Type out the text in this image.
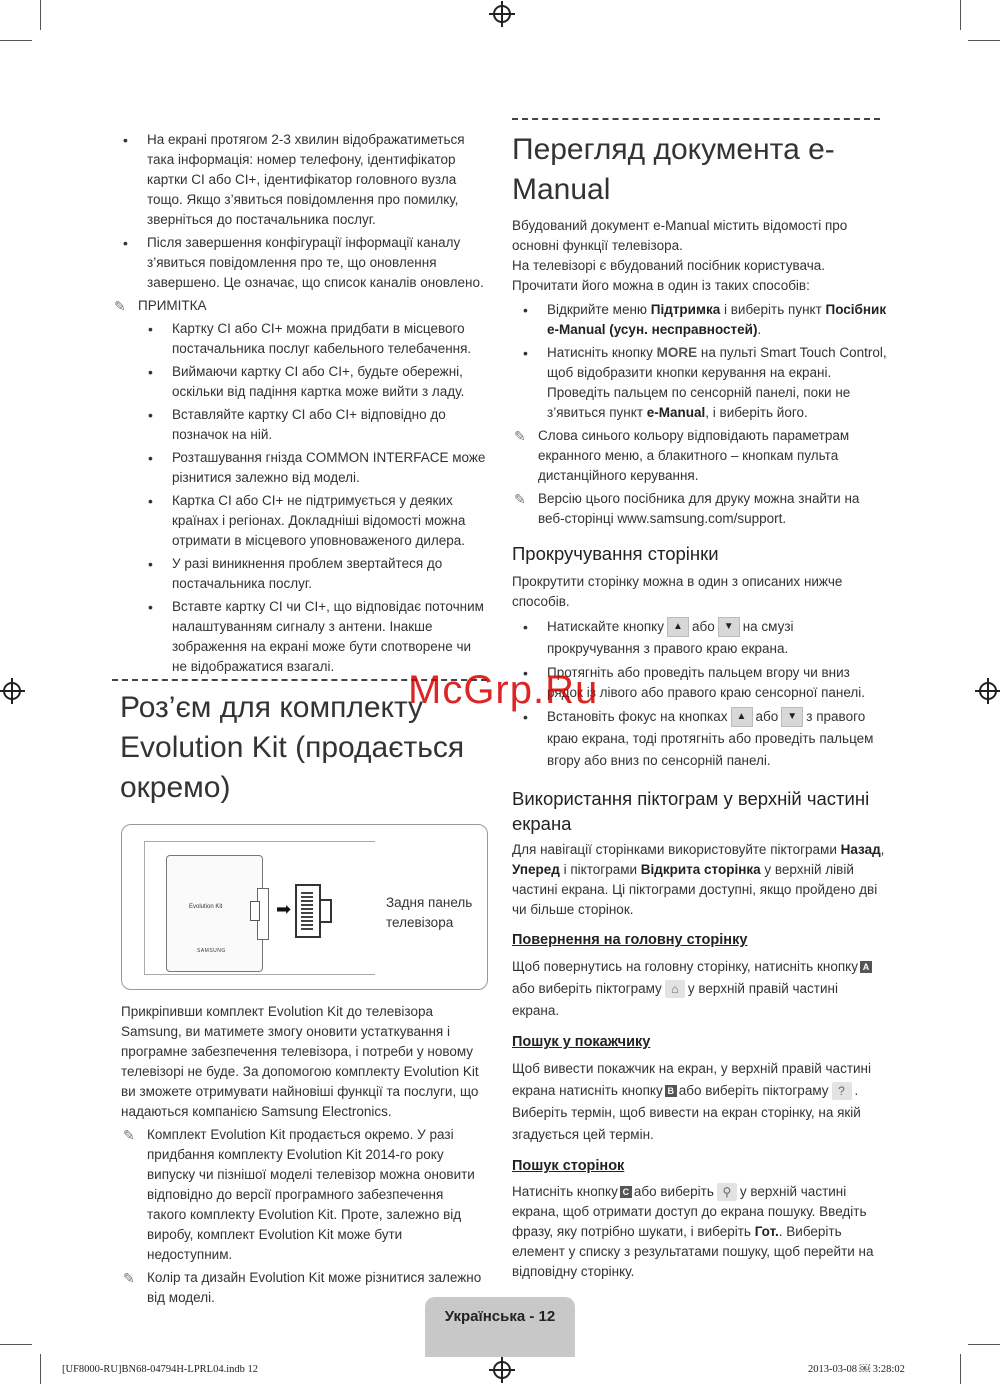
• На екрані протягом 2-3 хвилин відображатиметься така інформація: номер телефону, ідентифікатор картки CI або CI+, ідентифікатор головного вузла тощо. Якщо з’явиться повідомлення про помилку, зверніться до постачальника послуг.

• Після завершення конфігурації інформації каналу з’явиться повідомлення про те, що оновлення завершено. Це означає, що список каналів оновлено.

✎ ПРИМІТКА

• Картку CI або CI+ можна придбати в місцевого постачальника послуг кабельного телебачення.

• Виймаючи картку CI або CI+, будьте обережні, оскільки від падіння картка може вийти з ладу.

• Вставляйте картку CI або CI+ відповідно до позначок на ній.

• Розташування гнізда COMMON INTERFACE може різнитися залежно від моделі.

• Картка CI або CI+ не підтримується у деяких країнах і регіонах. Докладніші відомості можна отримати в місцевого уповноваженого дилера.

• У разі виникнення проблем звертайтеся до постачальника послуг.

• Вставте картку CI чи CI+, що відповідає поточним налаштуванням сигналу з антени. Інакше зображення на екрані може бути спотворене чи не відображатися взагалі.

Роз’єм для комплекту Evolution Kit (продається окремо)
Evolution Kit
SAMSUNG
➡	Задня панель телевізора
Прикріпивши комплект Evolution Kit до телевізора Samsung, ви матимете змогу оновити устаткування і програмне забезпечення телевізора, і потреби у новому телевізорі не буде. За допомогою комплекту Evolution Kit ви зможете отримувати найновіші функції та послуги, що надаються компанією Samsung Electronics.
✎ Комплект Evolution Kit продається окремо. У разі придбання комплекту Evolution Kit 2014-го року випуску чи пізнішої моделі телевізор можна оновити відповідно до версії програмного забезпечення такого комплекту Evolution Kit. Проте, залежно від виробу, комплект Evolution Kit може бути недоступним.
✎ Колір та дизайн Evolution Kit може різнитися залежно від моделі.
Перегляд документа e-Manual
Вбудований документ e-Manual містить відомості про основні функції телевізора.
На телевізорі є вбудований посібник користувача. Прочитати його можна в один із таких способів:

• Відкрийте меню Підтримка і виберіть пункт Посібник e-Manual (усун. несправностей).

• Натисніть кнопку MORE на пульті Smart Touch Control, щоб відобразити кнопки керування на екрані. Проведіть пальцем по сенсорній панелі, поки не з’явиться пункт e-Manual, і виберіть його.

✎ Слова синього кольору відповідають параметрам екранного меню, а блакитного – кнопкам пульта дистанційного керування.
✎ Версію цього посібника для друку можна знайти на веб-сторінці www.samsung.com/support.
Прокручування сторінки
Прокрутити сторінку можна в один з описаних нижче способів.

• Натискайте кнопку ▲ або ▼ на смузі прокручування з правого краю екрана.

• Протягніть або проведіть пальцем вгору чи вниз рядок із лівого або правого краю сенсорної панелі.

• Встановіть фокус на кнопках ▲ або ▼ з правого краю екрана, тоді протягніть або проведіть пальцем вгору або вниз по сенсорній панелі.

Використання піктограм у верхній частині екрана
Для навігації сторінками використовуйте піктограми Назад, Уперед і піктограми Відкрита сторінка у верхній лівій частині екрана. Ці піктограми доступні, якщо пройдено дві чи більше сторінок.
Повернення на головну сторінку
Щоб повернутись на головну сторінку, натисніть кнопку Aабо виберіть піктограму ⌂ у верхній правій частині екрана.
Пошук у покажчику
Щоб вивести покажчик на екран, у верхній правій частині екрана натисніть кнопку B або виберіть піктограму ? . Виберіть термін, щоб вивести на екран сторінку, на якій згадується цей термін.
Пошук сторінок
Натисніть кнопку C або виберіть ⚲ у верхній частині екрана, щоб отримати доступ до екрана пошуку. Введіть фразу, яку потрібно шукати, і виберіть Гот.. Виберіть елемент у списку з результатами пошуку, щоб перейти на відповідну сторінку.
McGrp.Ru
Українська - 12
[UF8000-RU]BN68-04794H-LPRL04.indb 12	2013-03-08 ￼ 3:28:02
